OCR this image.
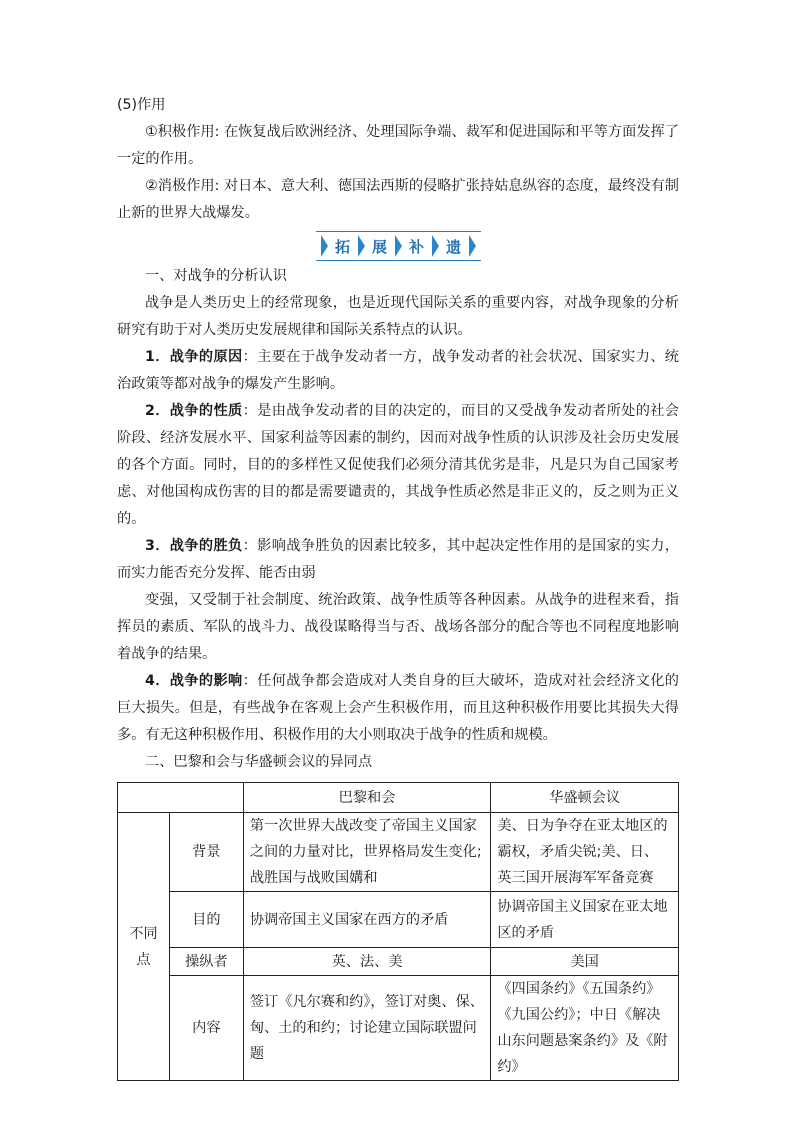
(5)作用

①积极作用: 在恢复战后欧洲经济、处理国际争端、裁军和促进国际和平等方面发挥了一定的作用。

②消极作用: 对日本、意大利、德国法西斯的侵略扩张持姑息纵容的态度，最终没有制止新的世界大战爆发。

拓	展	补	遗

一、对战争的分析认识

战争是人类历史上的经常现象，也是近现代国际关系的重要内容，对战争现象的分析研究有助于对人类历史发展规律和国际关系特点的认识。

1．战争的原因：主要在于战争发动者一方，战争发动者的社会状况、国家实力、统治政策等都对战争的爆发产生影响。

2．战争的性质：是由战争发动者的目的决定的，而目的又受战争发动者所处的社会阶段、经济发展水平、国家利益等因素的制约，因而对战争性质的认识涉及社会历史发展的各个方面。同时，目的的多样性又促使我们必须分清其优劣是非，凡是只为自己国家考虑、对他国构成伤害的目的都是需要谴责的，其战争性质必然是非正义的，反之则为正义的。

3．战争的胜负：影响战争胜负的因素比较多，其中起决定性作用的是国家的实力，而实力能否充分发挥、能否由弱

变强，又受制于社会制度、统治政策、战争性质等各种因素。从战争的进程来看，指挥员的素质、军队的战斗力、战役谋略得当与否、战场各部分的配合等也不同程度地影响着战争的结果。

4．战争的影响：任何战争都会造成对人类自身的巨大破坏，造成对社会经济文化的巨大损失。但是，有些战争在客观上会产生积极作用，而且这种积极作用要比其损失大得多。有无这种积极作用、积极作用的大小则取决于战争的性质和规模。

二、巴黎和会与华盛顿会议的异同点

		巴黎和会	华盛顿会议
不同点	背景	第一次世界大战改变了帝国主义国家之间的力量对比，世界格局发生变化;战胜国与战败国媾和	美、日为争夺在亚太地区的霸权，矛盾尖锐;美、日、英三国开展海军军备竞赛
	目的	协调帝国主义国家在西方的矛盾	协调帝国主义国家在亚太地区的矛盾
	操纵者	英、法、美	美国
	内容	签订《凡尔赛和约》，签订对奥、保、匈、土的和约；讨论建立国际联盟问题	《四国条约》《五国条约》《九国公约》；中日《解决山东问题悬案条约》及《附约》
